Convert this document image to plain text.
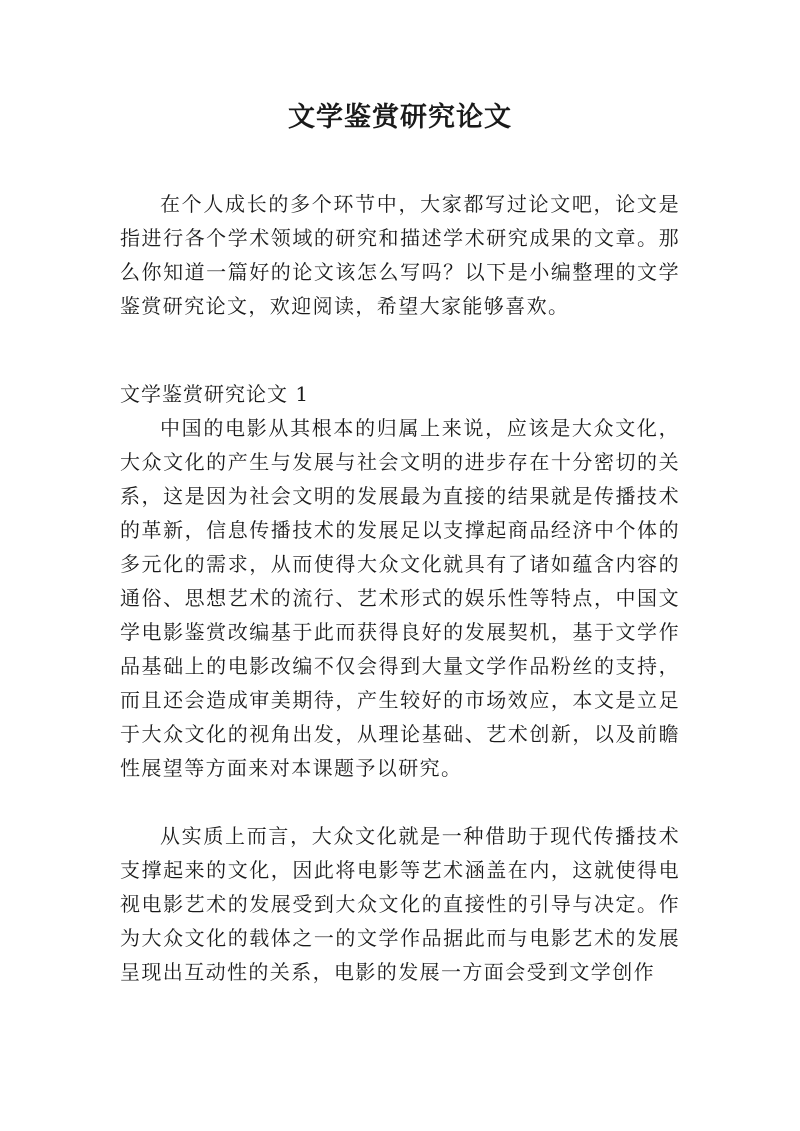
文学鉴赏研究论文

在个人成长的多个环节中，大家都写过论文吧，论文是指进行各个学术领域的研究和描述学术研究成果的文章。那么你知道一篇好的论文该怎么写吗？以下是小编整理的文学鉴赏研究论文，欢迎阅读，希望大家能够喜欢。

文学鉴赏研究论文 1

中国的电影从其根本的归属上来说，应该是大众文化，大众文化的产生与发展与社会文明的进步存在十分密切的关系，这是因为社会文明的发展最为直接的结果就是传播技术的革新，信息传播技术的发展足以支撑起商品经济中个体的多元化的需求，从而使得大众文化就具有了诸如蕴含内容的通俗、思想艺术的流行、艺术形式的娱乐性等特点，中国文学电影鉴赏改编基于此而获得良好的发展契机，基于文学作品基础上的电影改编不仅会得到大量文学作品粉丝的支持，而且还会造成审美期待，产生较好的市场效应，本文是立足于大众文化的视角出发，从理论基础、艺术创新，以及前瞻性展望等方面来对本课题予以研究。

从实质上而言，大众文化就是一种借助于现代传播技术支撑起来的文化，因此将电影等艺术涵盖在内，这就使得电视电影艺术的发展受到大众文化的直接性的引导与决定。作为大众文化的载体之一的文学作品据此而与电影艺术的发展呈现出互动性的关系，电影的发展一方面会受到文学创作
